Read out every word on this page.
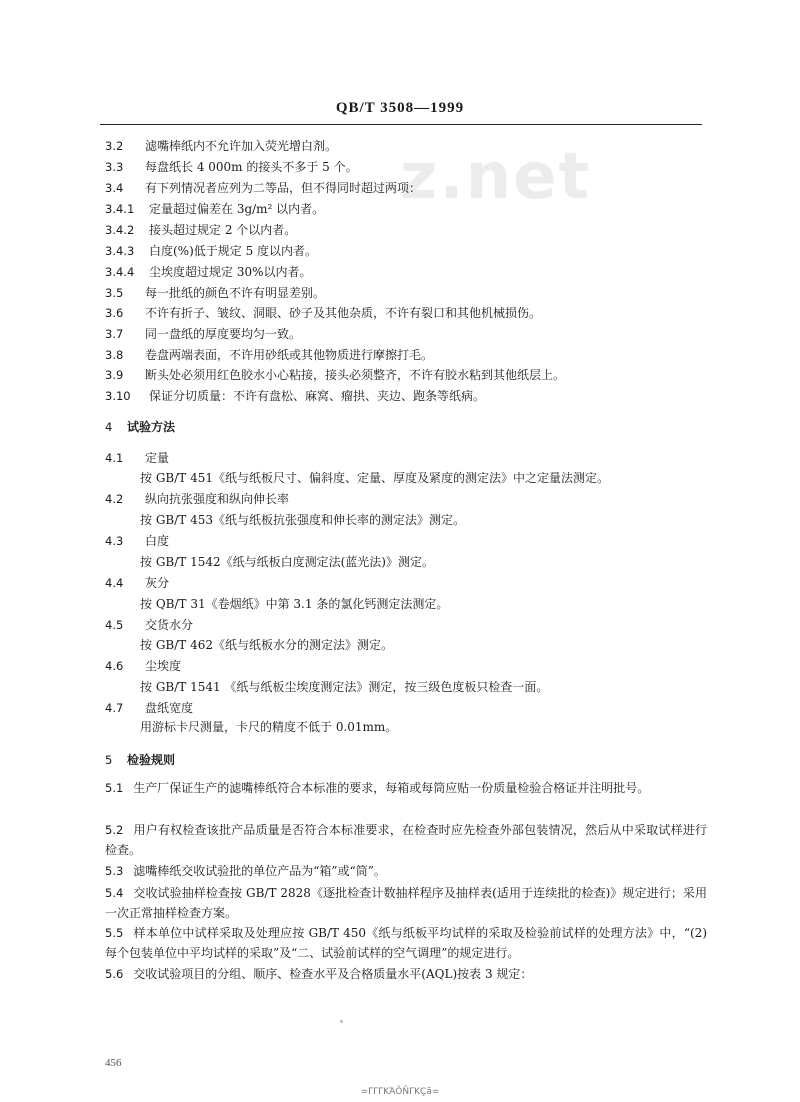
QB/T 3508—1999
z.net
3.2 滤嘴棒纸内不允许加入荧光增白剂。
3.3 每盘纸长 4 000m 的接头不多于 5 个。
3.4 有下列情况者应列为二等品，但不得同时超过两项：
3.4.1 定量超过偏差在 3g/m² 以内者。
3.4.2 接头超过规定 2 个以内者。
3.4.3 白度(%)低于规定 5 度以内者。
3.4.4 尘埃度超过规定 30%以内者。
3.5 每一批纸的颜色不许有明显差别。
3.6 不许有折子、皱纹、洞眼、砂子及其他杂质，不许有裂口和其他机械损伤。
3.7 同一盘纸的厚度要均匀一致。
3.8 卷盘两端表面，不许用砂纸或其他物质进行摩擦打毛。
3.9 断头处必须用红色胶水小心粘接，接头必须整齐，不许有胶水粘到其他纸层上。
3.10 保证分切质量：不许有盘松、麻窝、瘤拱、夹边、跑条等纸病。
4 试验方法
4.1 定量
按 GB/T 451《纸与纸板尺寸、偏斜度、定量、厚度及紧度的测定法》中之定量法测定。
4.2 纵向抗张强度和纵向伸长率
按 GB/T 453《纸与纸板抗张强度和伸长率的测定法》测定。
4.3 白度
按 GB/T 1542《纸与纸板白度测定法(蓝光法)》测定。
4.4 灰分
按 QB/T 31《卷烟纸》中第 3.1 条的氯化钙测定法测定。
4.5 交货水分
按 GB/T 462《纸与纸板水分的测定法》测定。
4.6 尘埃度
按 GB/T 1541 《纸与纸板尘埃度测定法》测定，按三级色度板只检查一面。
4.7 盘纸宽度
用游标卡尺测量，卡尺的精度不低于 0.01mm。
5 检验规则
5.1 生产厂保证生产的滤嘴棒纸符合本标准的要求，每箱或每筒应贴一份质量检验合格证并注明批号。
5.2 用户有权检查该批产品质量是否符合本标准要求，在检查时应先检查外部包装情况，然后从中采取试样进行检查。
5.3 滤嘴棒纸交收试验批的单位产品为“箱”或“筒”。
5.4 交收试验抽样检查按 GB/T 2828《逐批检查计数抽样程序及抽样表(适用于连续批的检查)》规定进行；采用一次正常抽样检查方案。
5.5 样本单位中试样采取及处理应按 GB/T 450《纸与纸板平均试样的采取及检验前试样的处理方法》中，“(2)每个包装单位中平均试样的采取”及“二、试验前试样的空气调理”的规定进行。
5.6 交收试验项目的分组、顺序、检查水平及合格质量水平(AQL)按表 3 规定：
456
=ΓΓΓΚΆÕÑΓΚÇã=
